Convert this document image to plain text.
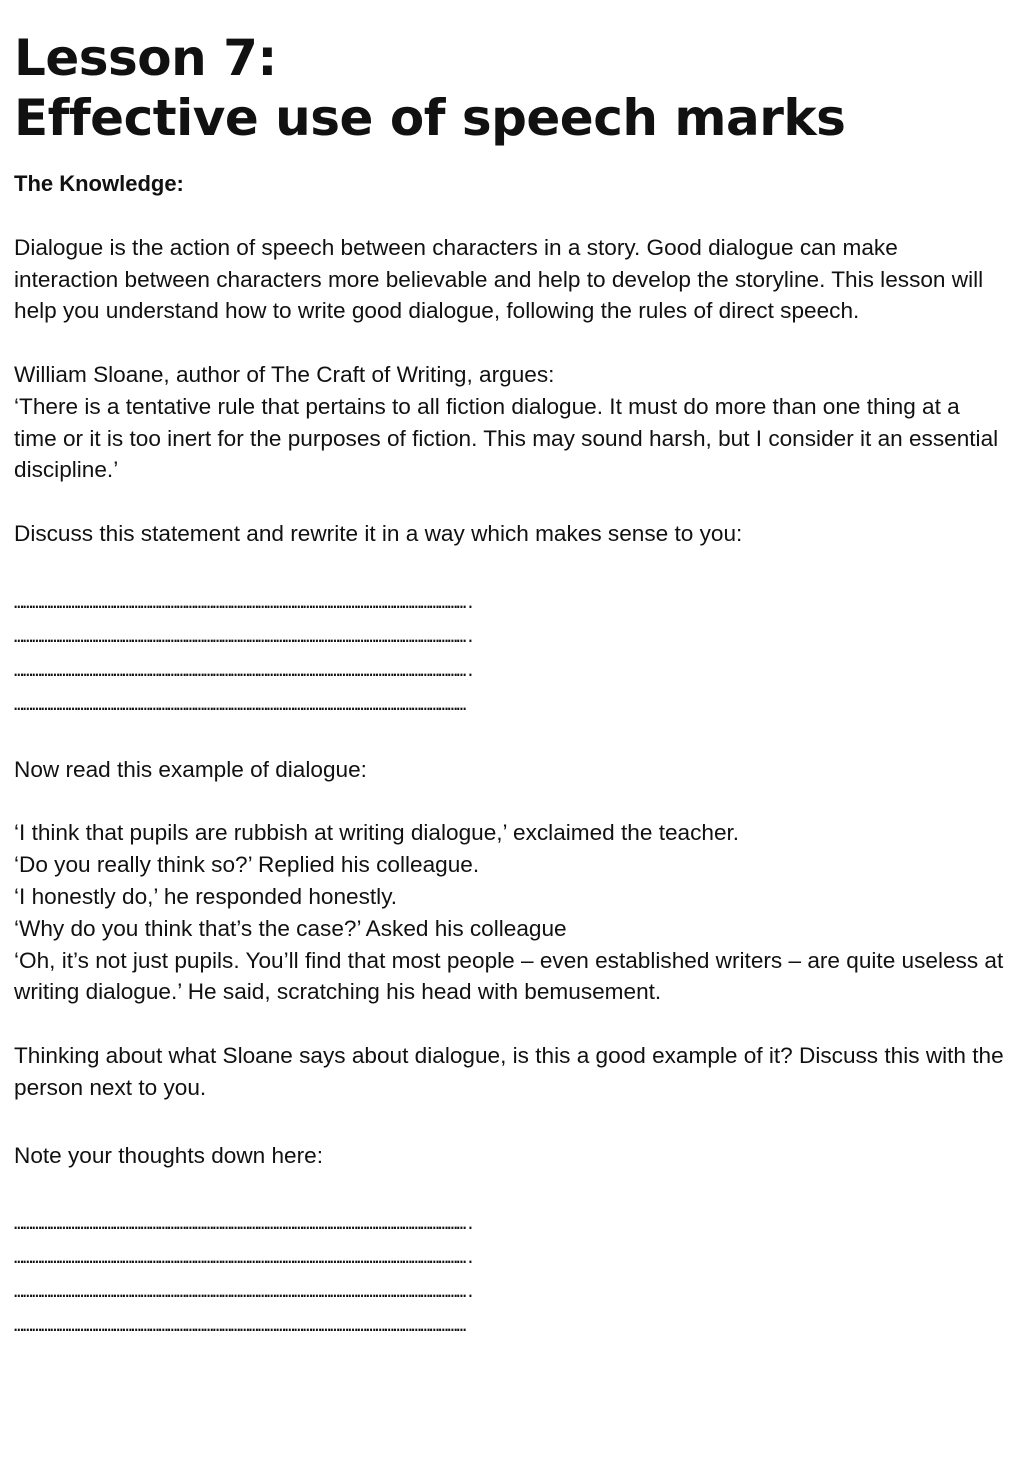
Lesson 7:
Effective use of speech marks
The Knowledge:

Dialogue is the action of speech between characters in a story. Good dialogue can make interaction between characters more believable and help to develop the storyline. This lesson will help you understand how to write good dialogue, following the rules of direct speech.

William Sloane, author of The Craft of Writing, argues:
‘There is a tentative rule that pertains to all fiction dialogue. It must do more than one thing at a time or it is too inert for the purposes of fiction. This may sound harsh, but I consider it an essential discipline.’

Discuss this statement and rewrite it in a way which makes sense to you:

…………………………………………………………………………………………………………………………………….
…………………………………………………………………………………………………………………………………….
…………………………………………………………………………………………………………………………………….
……………………………………………………………………………………………………………………………………

Now read this example of dialogue:

‘I think that pupils are rubbish at writing dialogue,’ exclaimed the teacher.
‘Do you really think so?’ Replied his colleague.
‘I honestly do,’ he responded honestly.
‘Why do you think that’s the case?’ Asked his colleague
‘Oh, it’s not just pupils. You’ll find that most people – even established writers – are quite useless at writing dialogue.’ He said, scratching his head with bemusement.

Thinking about what Sloane says about dialogue, is this a good example of it? Discuss this with the person next to you.

Note your thoughts down here:

…………………………………………………………………………………………………………………………………….
…………………………………………………………………………………………………………………………………….
…………………………………………………………………………………………………………………………………….
……………………………………………………………………………………………………………………………………
